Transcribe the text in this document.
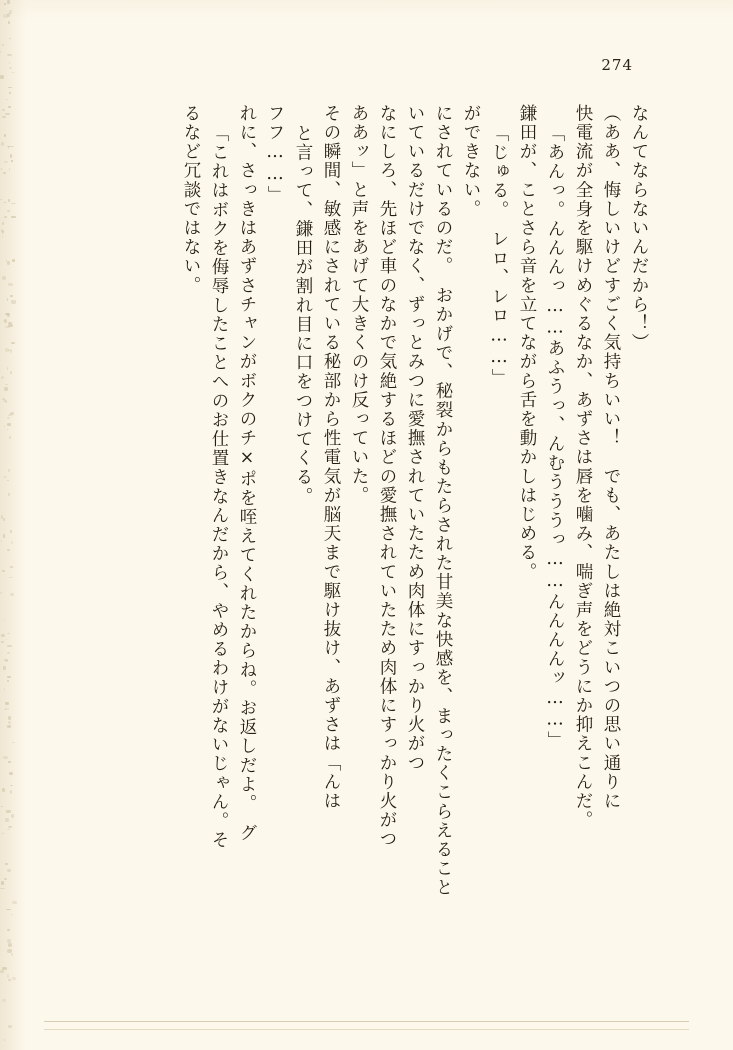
274
るなど冗談ではない。 「これはボクを侮辱したことへのお仕置きなんだから、やめるわけがないじゃん。そ れに、さっきはあずさチャンがボクのチ×ポを咥えてくれたからね。お返しだよ。　グ フフ……」 と言って、鎌田が割れ目に口をつけてくる。 その瞬間、敏感にされている秘部から性電気が脳天まで駆け抜け、あずさは「んは ああッ」と声をあげて大きくのけ反っていた。 なにしろ、先ほど車のなかで気絶するほどの愛撫されていたため肉体にすっかり火がつ いているだけでなく、ずっとみつに愛撫されていたため肉体にすっかり火がつ にされているのだ。　おかげで、秘裂からもたらされた甘美な快感を、まったくこらえること ができない。 「じゅる。　レロ、レロ……」 鎌田が、ことさら音を立てながら舌を動かしはじめる。 「あんっ。んんんっ……あふうっ、んむうううっ……んんんんッ……」 快電流が全身を駆けめぐるなか、あずさは唇を噛み、喘ぎ声をどうにか抑えこんだ。 （ああ、悔しいけどすごく気持ちいい！　でも、あたしは絶対こいつの思い通りに なんてならないんだから！）
